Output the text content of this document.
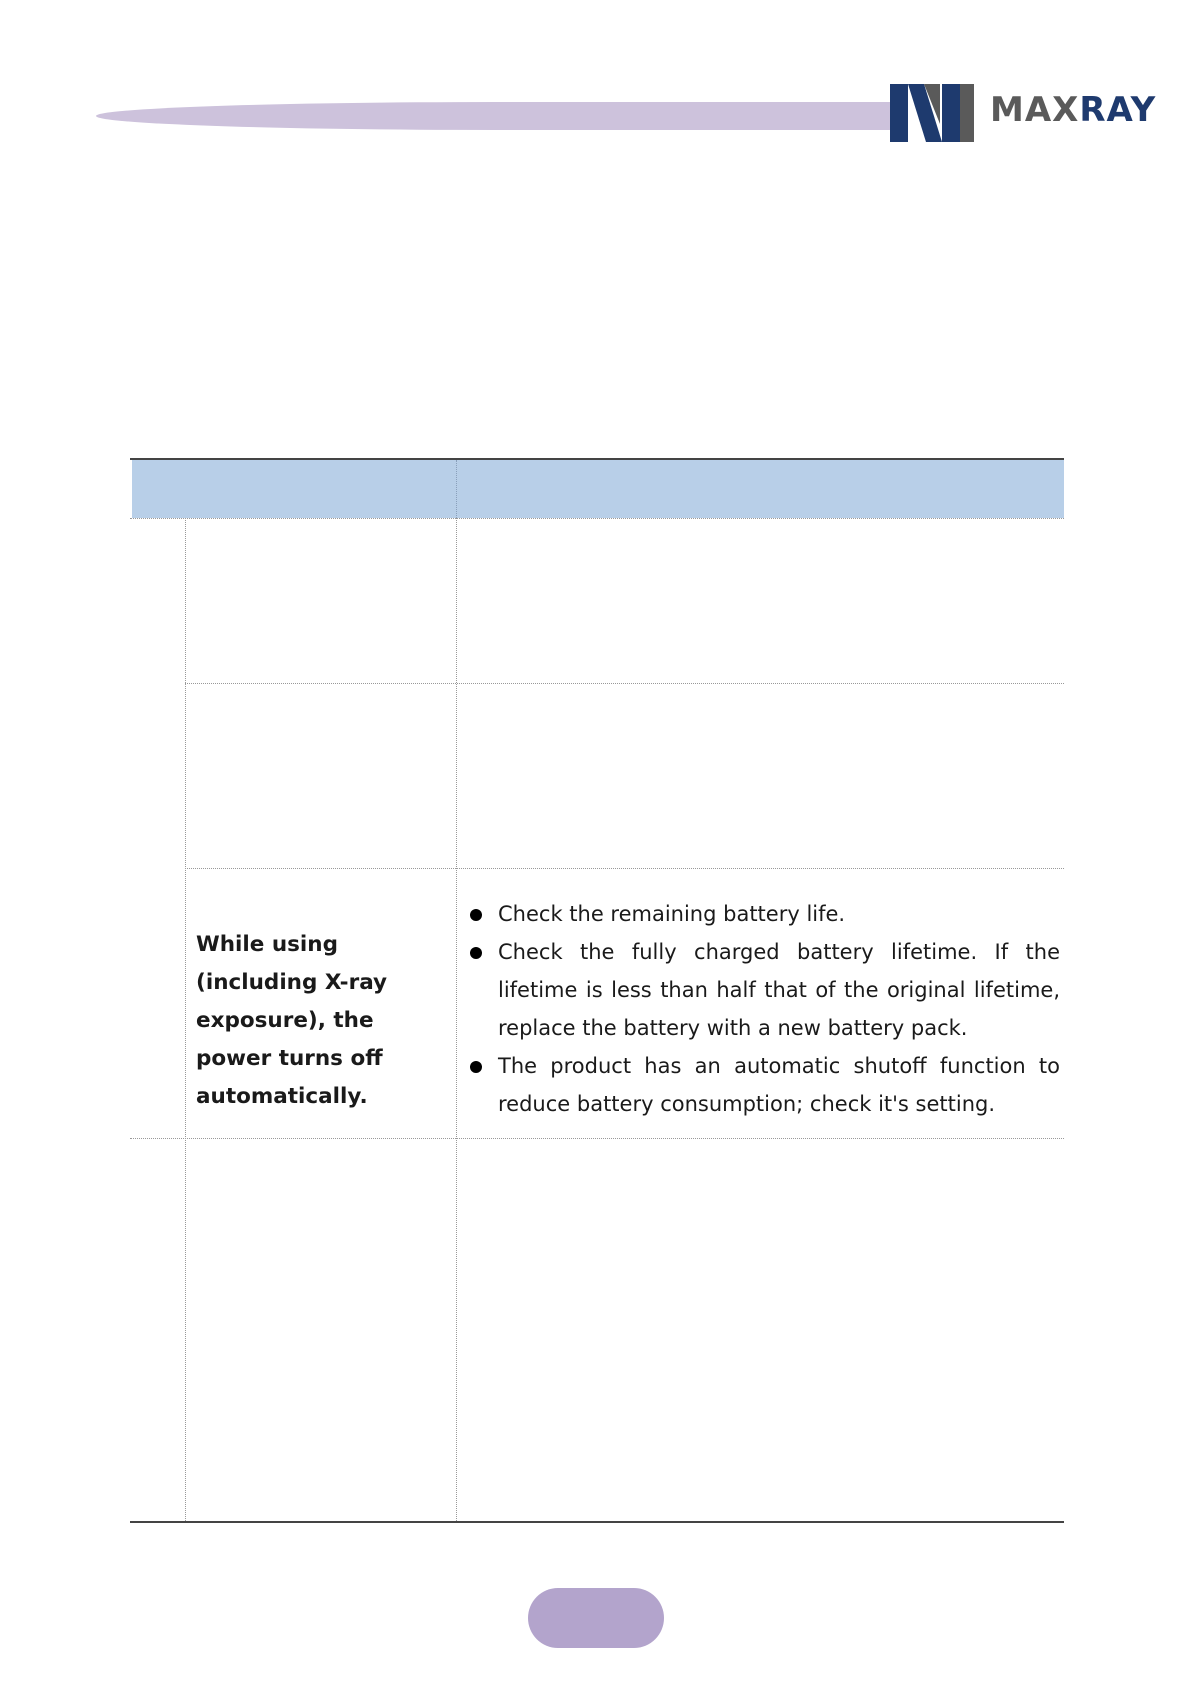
MAXRAY
While using (including X-ray exposure), the power turns off automatically.
Check the remaining battery life.
Check the fully charged battery lifetime. If the lifetime is less than half that of the original lifetime, replace the battery with a new battery pack.
The product has an automatic shutoff function to reduce battery consumption; check it's setting.
